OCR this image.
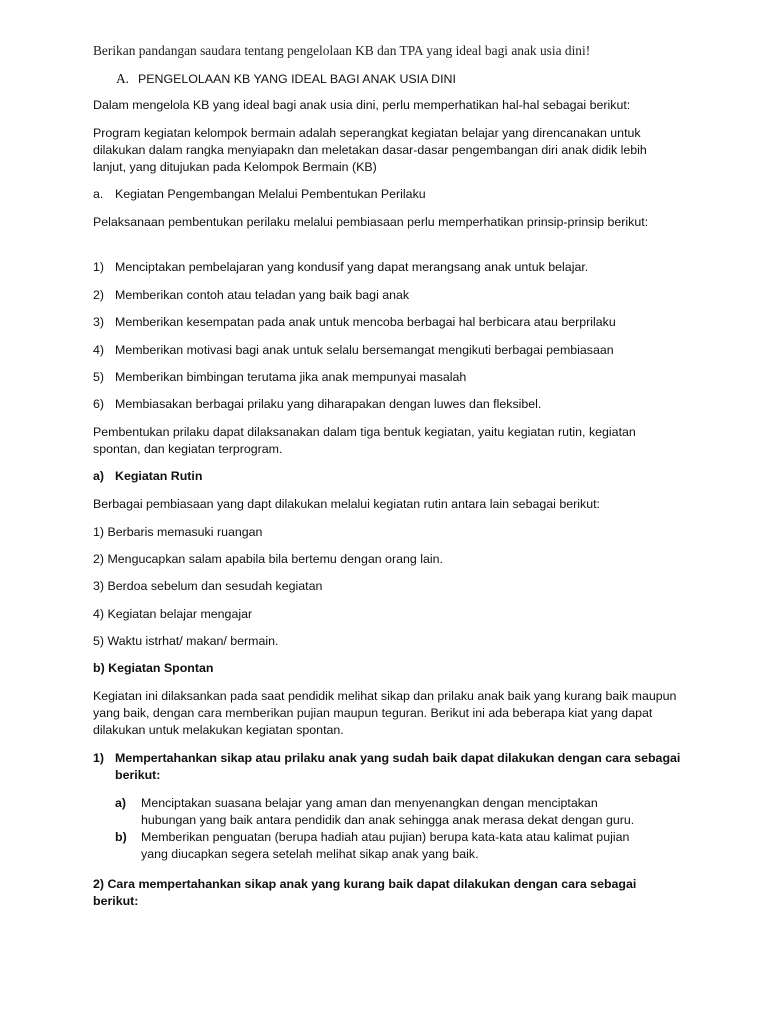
Berikan pandangan saudara tentang pengelolaan KB dan TPA yang ideal bagi anak usia dini!

A. PENGELOLAAN KB YANG IDEAL BAGI ANAK USIA DINI

Dalam mengelola KB yang ideal bagi anak usia dini, perlu memperhatikan hal-hal sebagai berikut:

Program kegiatan kelompok bermain adalah seperangkat kegiatan belajar yang direncanakan untuk dilakukan dalam rangka menyiapakn dan meletakan dasar-dasar pengembangan diri anak didik lebih lanjut, yang ditujukan pada Kelompok Bermain (KB)

a. Kegiatan Pengembangan Melalui Pembentukan Perilaku

Pelaksanaan pembentukan perilaku melalui pembiasaan perlu memperhatikan prinsip-prinsip berikut:

1) Menciptakan pembelajaran yang kondusif yang dapat merangsang anak untuk belajar.
2) Memberikan contoh atau teladan yang baik bagi anak
3) Memberikan kesempatan pada anak untuk mencoba berbagai hal berbicara atau berprilaku
4) Memberikan motivasi bagi anak untuk selalu bersemangat mengikuti berbagai pembiasaan
5) Memberikan bimbingan terutama jika anak mempunyai masalah
6) Membiasakan berbagai prilaku yang diharapakan dengan luwes dan fleksibel.

Pembentukan prilaku dapat dilaksanakan dalam tiga bentuk kegiatan, yaitu kegiatan rutin, kegiatan spontan, dan kegiatan terprogram.

a) Kegiatan Rutin

Berbagai pembiasaan yang dapt dilakukan melalui kegiatan rutin antara lain sebagai berikut:

1) Berbaris memasuki ruangan

2) Mengucapkan salam apabila bila bertemu dengan orang lain.

3) Berdoa sebelum dan sesudah kegiatan

4) Kegiatan belajar mengajar

5) Waktu istrhat/ makan/ bermain.

b) Kegiatan Spontan

Kegiatan ini dilaksankan pada saat pendidik melihat sikap dan prilaku anak baik yang kurang baik maupun yang baik, dengan cara memberikan pujian maupun teguran. Berikut ini ada beberapa kiat yang dapat dilakukan untuk melakukan kegiatan spontan.

1) Mempertahankan sikap atau prilaku anak yang sudah baik dapat dilakukan dengan cara sebagai berikut:
a)	Menciptakan suasana belajar yang aman dan menyenangkan dengan menciptakan hubungan yang baik antara pendidik dan anak sehingga anak merasa dekat dengan guru.
b)	Memberikan penguatan (berupa hadiah atau pujian) berupa kata-kata atau kalimat pujian yang diucapkan segera setelah melihat sikap anak yang baik.

2) Cara mempertahankan sikap anak yang kurang baik dapat dilakukan dengan cara sebagai berikut:
